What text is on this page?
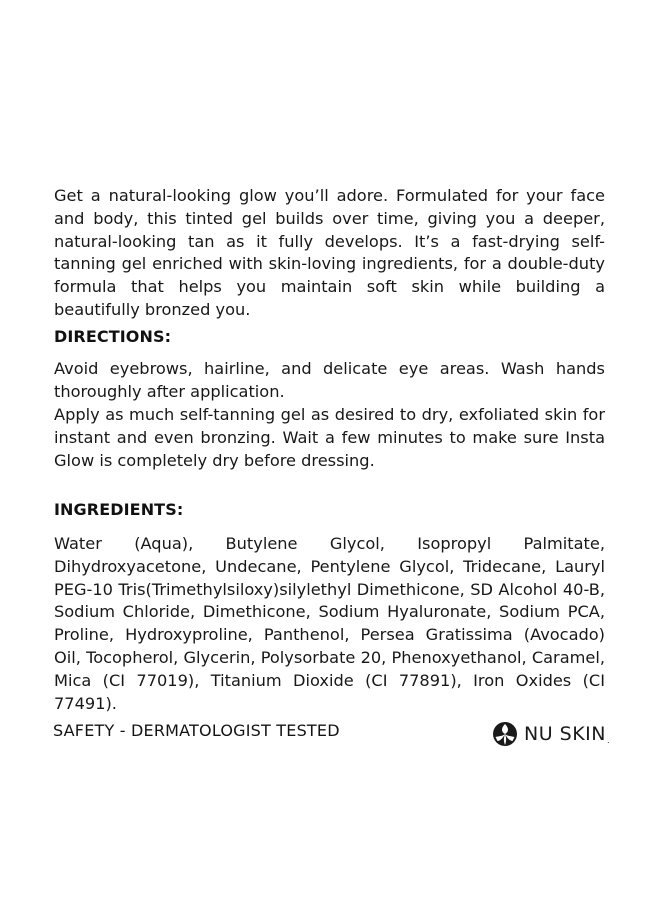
Get a natural-looking glow you’ll adore. Formulated for your face and body, this tinted gel builds over time, giving you a deeper, natural-looking tan as it fully develops. It’s a fast-drying self-tanning gel enriched with skin-loving ingredients, for a double-duty formula that helps you maintain soft skin while building a beautifully bronzed you.

DIRECTIONS:

Avoid eyebrows, hairline, and delicate eye areas. Wash hands thoroughly after application.

Apply as much self-tanning gel as desired to dry, exfoliated skin for instant and even bronzing. Wait a few minutes to make sure Insta Glow is completely dry before dressing.

INGREDIENTS:

Water (Aqua), Butylene Glycol, Isopropyl Palmitate, Dihydroxyacetone, Undecane, Pentylene Glycol, Tridecane, Lauryl PEG-10 Tris(Trimethylsiloxy)silylethyl Dimethicone, SD Alcohol 40-B, Sodium Chloride, Dimethicone, Sodium Hyaluronate, Sodium PCA, Proline, Hydroxyproline, Panthenol, Persea Gratissima (Avocado) Oil, Tocopherol, Glycerin, Polysorbate 20, Phenoxyethanol, Caramel, Mica (CI 77019), Titanium Dioxide (CI 77891), Iron Oxides (CI 77491).

SAFETY - DERMATOLOGIST TESTED	NU SKIN .
